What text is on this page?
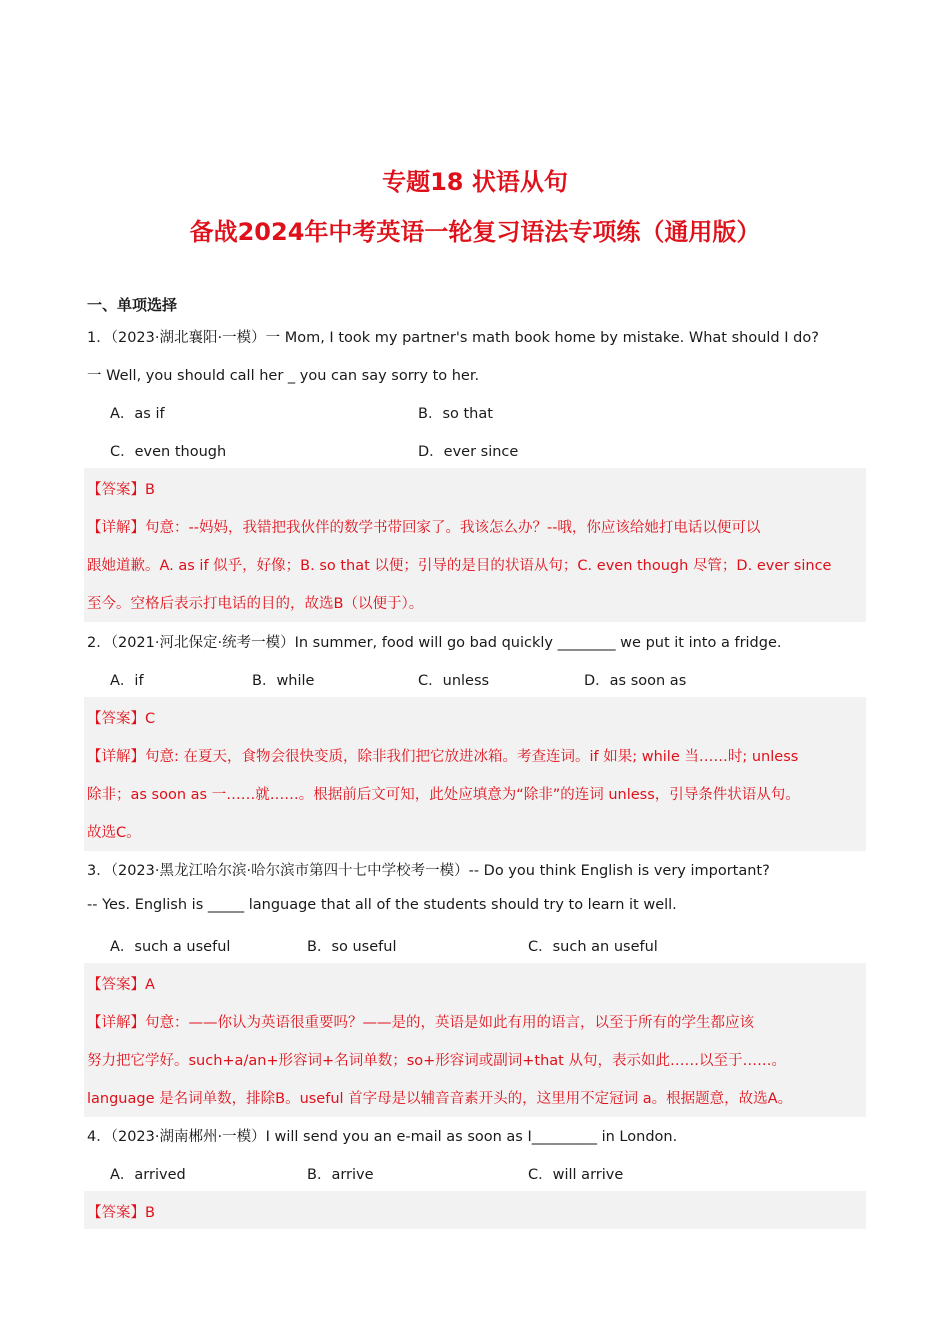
专题18 状语从句
备战2024年中考英语一轮复习语法专项练（通用版）
一、单项选择
1．（2023·湖北襄阳·一模）一 Mom, I took my partner's math book home by mistake. What should I do?
一 Well, you should call her _ you can say sorry to her.
A．as if	B．so that
C．even though	D．ever since
【答案】B
【详解】句意：--妈妈，我错把我伙伴的数学书带回家了。我该怎么办？--哦，你应该给她打电话以便可以
跟她道歉。A. as if 似乎，好像；B. so that 以便；引导的是目的状语从句；C. even though 尽管；D. ever since
至今。空格后表示打电话的目的，故选B（以便于）。
2．（2021·河北保定·统考一模）In summer, food will go bad quickly ________ we put it into a fridge.
A．if	B．while	C．unless	D．as soon as
【答案】C
【详解】句意: 在夏天，食物会很快变质，除非我们把它放进冰箱。考查连词。if 如果; while 当……时; unless
除非；as soon as 一……就……。根据前后文可知，此处应填意为“除非”的连词 unless，引导条件状语从句。
故选C。
3．（2023·黑龙江哈尔滨·哈尔滨市第四十七中学校考一模）-- Do you think English is very important?
-- Yes. English is _____ language that all of the students should try to learn it well.
A．such a useful	B．so useful	C．such an useful
【答案】A
【详解】句意：——你认为英语很重要吗？——是的，英语是如此有用的语言，以至于所有的学生都应该
努力把它学好。such+a/an+形容词+名词单数；so+形容词或副词+that 从句，表示如此……以至于……。
language 是名词单数，排除B。useful 首字母是以辅音音素开头的，这里用不定冠词 a。根据题意，故选A。
4．（2023·湖南郴州·一模）I will send you an e-mail as soon as I_________ in London.
A．arrived	B．arrive	C．will arrive
【答案】B
